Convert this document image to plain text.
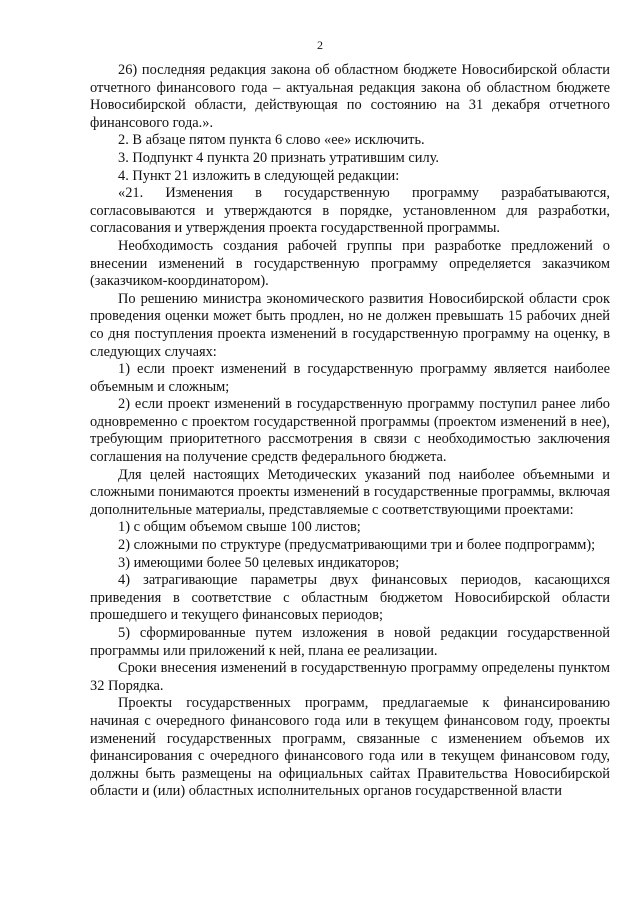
2

26) последняя редакция закона об областном бюджете Новосибирской области отчетного финансового года – актуальная редакция закона об областном бюджете Новосибирской области, действующая по состоянию на 31 декабря отчетного финансового года.».

2. В абзаце пятом пункта 6 слово «ее» исключить.

3. Подпункт 4 пункта 20 признать утратившим силу.

4. Пункт 21 изложить в следующей редакции:

«21. Изменения в государственную программу разрабатываются, согласовываются и утверждаются в порядке, установленном для разработки, согласования и утверждения проекта государственной программы.

Необходимость создания рабочей группы при разработке предложений о внесении изменений в государственную программу определяется заказчиком (заказчиком-координатором).

По решению министра экономического развития Новосибирской области срок проведения оценки может быть продлен, но не должен превышать 15 рабочих дней со дня поступления проекта изменений в государственную программу на оценку, в следующих случаях:

1) если проект изменений в государственную программу является наиболее объемным и сложным;

2) если проект изменений в государственную программу поступил ранее либо одновременно с проектом государственной программы (проектом изменений в нее), требующим приоритетного рассмотрения в связи с необходимостью заключения соглашения на получение средств федерального бюджета.

Для целей настоящих Методических указаний под наиболее объемными и сложными понимаются проекты изменений в государственные программы, включая дополнительные материалы, представляемые с соответствующими проектами:

1) с общим объемом свыше 100 листов;

2) сложными по структуре (предусматривающими три и более подпрограмм);

3) имеющими более 50 целевых индикаторов;

4) затрагивающие параметры двух финансовых периодов, касающихся приведения в соответствие с областным бюджетом Новосибирской области прошедшего и текущего финансовых периодов;

5) сформированные путем изложения в новой редакции государственной программы или приложений к ней, плана ее реализации.

Сроки внесения изменений в государственную программу определены пунктом 32 Порядка.

Проекты государственных программ, предлагаемые к финансированию начиная с очередного финансового года или в текущем финансовом году, проекты изменений государственных программ, связанные с изменением объемов их финансирования с очередного финансового года или в текущем финансовом году, должны быть размещены на официальных сайтах Правительства Новосибирской области и (или) областных исполнительных органов государственной власти
